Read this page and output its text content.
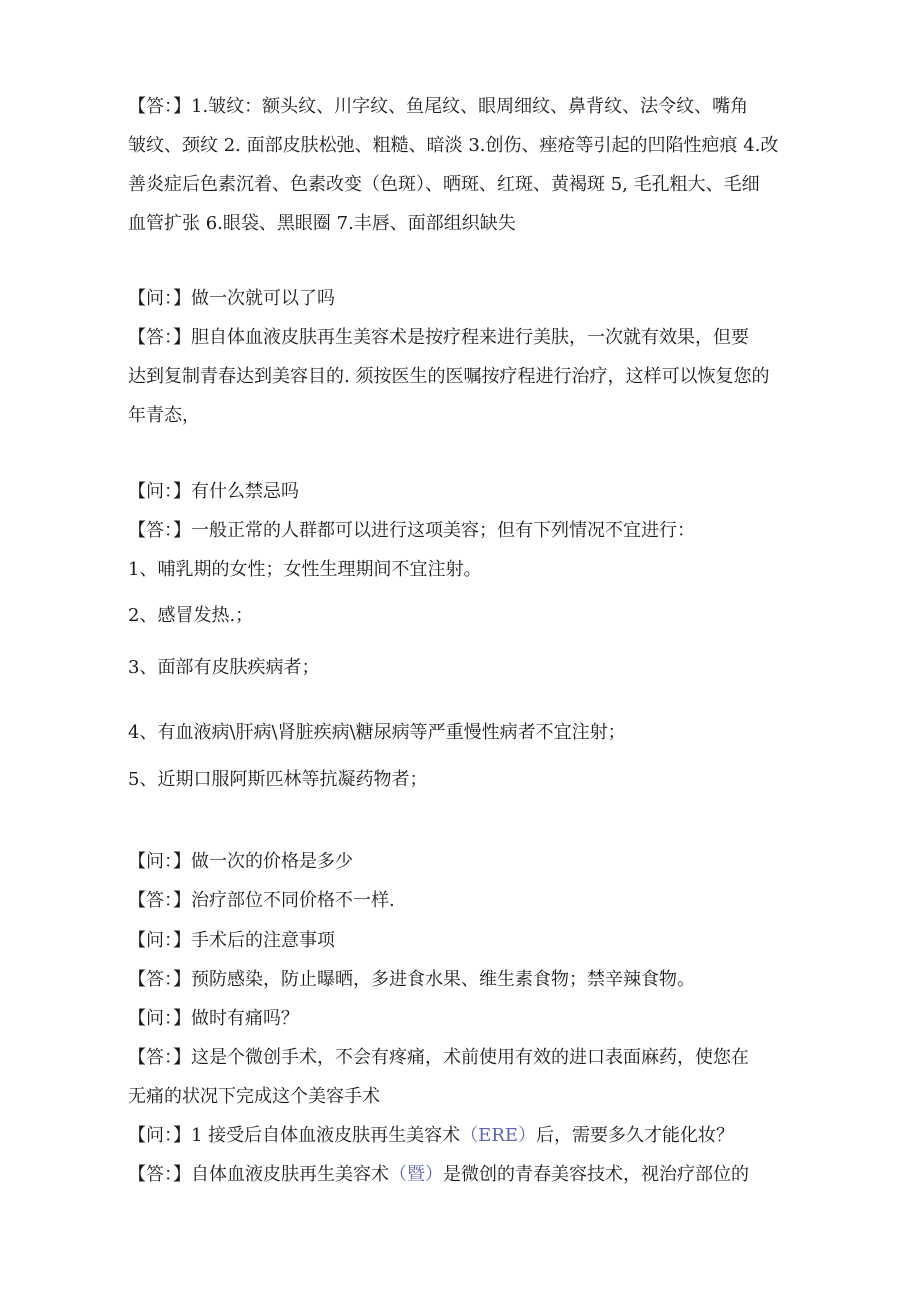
【答：】1.皱纹：额头纹、川字纹、鱼尾纹、眼周细纹、鼻背纹、法令纹、嘴角
皱纹、颈纹 2. 面部皮肤松弛、粗糙、暗淡 3.创伤、痤疮等引起的凹陷性疤痕 4.改
善炎症后色素沉着、色素改变（色斑）、晒斑、红斑、黄褐斑 5, 毛孔粗大、毛细
血管扩张 6.眼袋、黑眼圈 7.丰唇、面部组织缺失
【问：】做一次就可以了吗
【答：】胆自体血液皮肤再生美容术是按疗程来进行美肤，一次就有效果，但要
达到复制青春达到美容目的. 须按医生的医嘱按疗程进行治疗，这样可以恢复您的
年青态，
【问：】有什么禁忌吗
【答：】一般正常的人群都可以进行这项美容；但有下列情况不宜进行：
1、哺乳期的女性；女性生理期间不宜注射。
2、感冒发热.；
3、面部有皮肤疾病者；
4、有血液病\肝病\肾脏疾病\糖尿病等严重慢性病者不宜注射；
5、近期口服阿斯匹林等抗凝药物者；
【问：】做一次的价格是多少
【答：】治疗部位不同价格不一样.
【问：】手术后的注意事项
【答：】预防感染，防止曝晒，多进食水果、维生素食物；禁辛辣食物。
【问：】做时有痛吗？
【答：】这是个微创手术，不会有疼痛，术前使用有效的进口表面麻药，使您在
无痛的状况下完成这个美容手术
【问：】1 接受后自体血液皮肤再生美容术（ERE）后，需要多久才能化妆？
【答：】自体血液皮肤再生美容术（暨）是微创的青春美容技术，视治疗部位的
